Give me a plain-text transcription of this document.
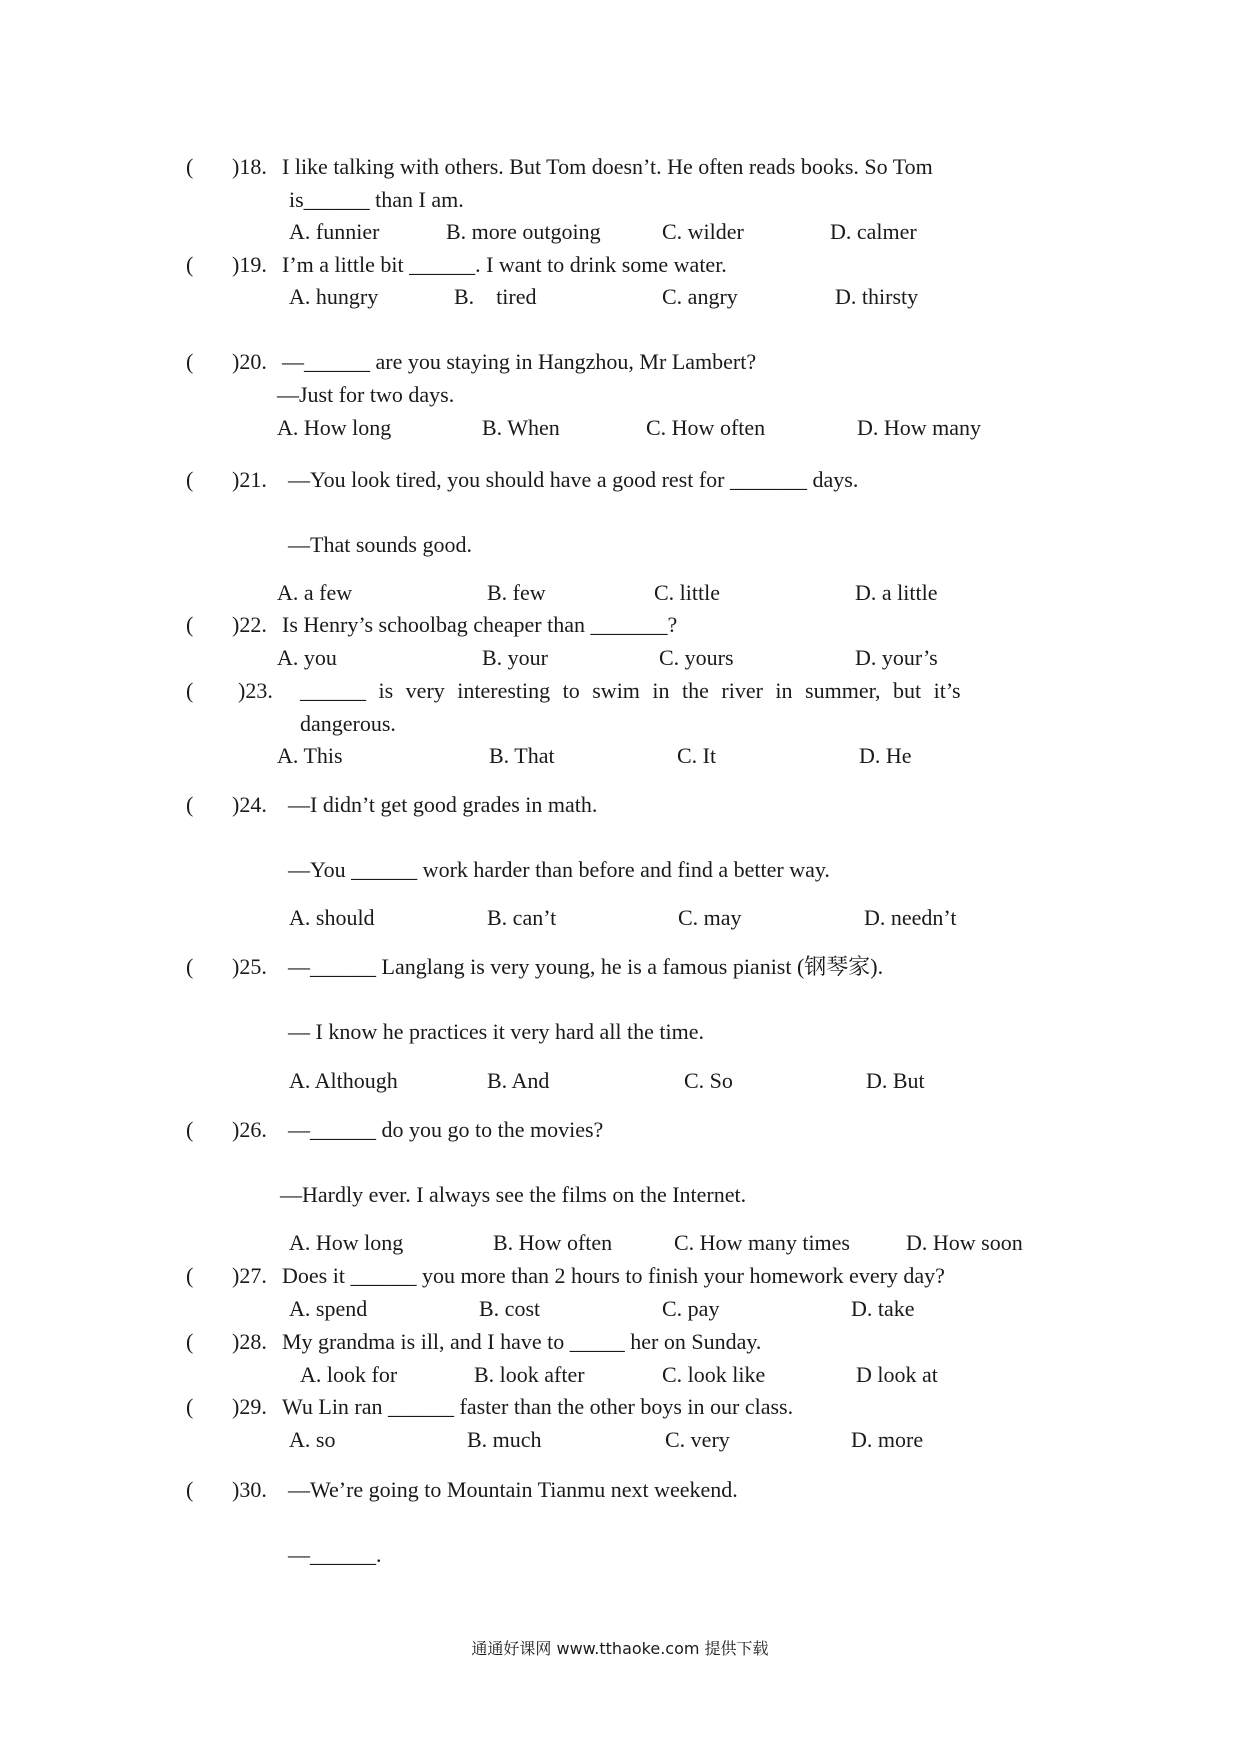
( )18. I like talking with others. But Tom doesn’t. He often reads books. So Tom
is______ than I am.
A. funnier	B. more outgoing	C. wilder	D. calmer
( )19. I’m a little bit ______. I want to drink some water.
A. hungry	B.    tired	C. angry	D. thirsty
( )20. —______ are you staying in Hangzhou, Mr Lambert?
—Just for two days.
A. How long	B. When	C. How often	D. How many
( )21. —You look tired, you should have a good rest for _______ days.
—That sounds good.
A. a few	B. few	C. little	D. a little
( )22. Is Henry’s schoolbag cheaper than _______?
A. you	B. your	C. yours	D. your’s
( )23. ______ is very interesting to swim in the river in summer, but it’s
dangerous.
A. This	B. That	C. It	D. He
( )24. —I didn’t get good grades in math.
—You ______ work harder than before and find a better way.
A. should	B. can’t	C. may	D. needn’t
( )25. —______ Langlang is very young, he is a famous pianist (钢琴家).
— I know he practices it very hard all the time.
A. Although	B. And	C. So	D. But
( )26. —______ do you go to the movies?
—Hardly ever. I always see the films on the Internet.
A. How long	B. How often	C. How many times	D. How soon
( )27. Does it ______ you more than 2 hours to finish your homework every day?
A. spend	B. cost	C. pay	D. take
( )28. My grandma is ill, and I have to _____ her on Sunday.
A. look for	B. look after	C. look like	D look at
( )29. Wu Lin ran ______ faster than the other boys in our class.
A. so	B. much	C. very	D. more
( )30. —We’re going to Mountain Tianmu next weekend.
—______.
通通好课网 www.tthaoke.com 提供下载
